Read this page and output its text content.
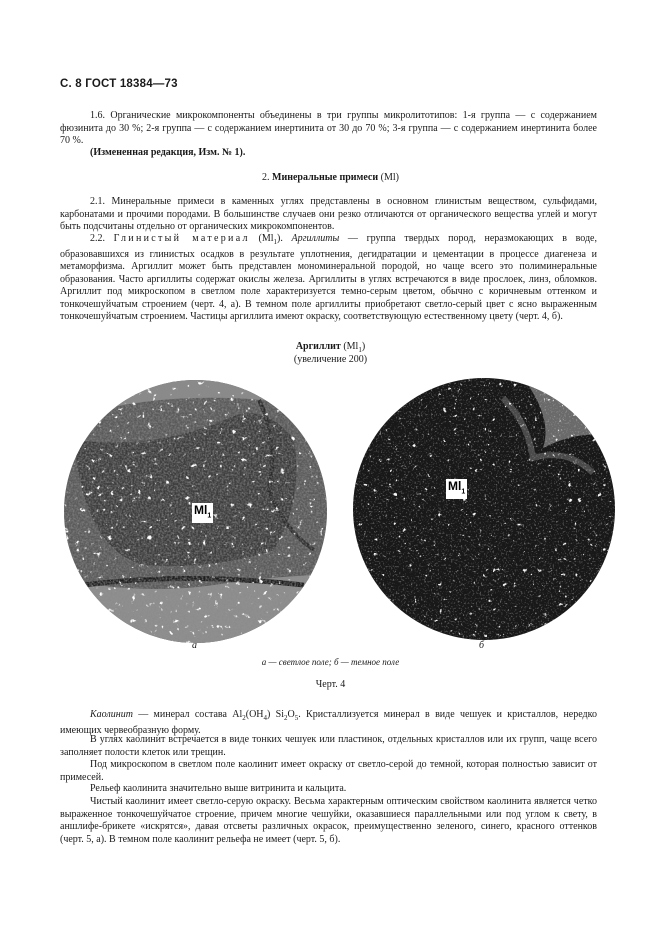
С. 8 ГОСТ 18384—73

1.6. Органические микрокомпоненты объединены в три группы микролитотипов: 1-я группа — с содержанием фюзинита до 30 %; 2-я группа — с содержанием инертинита от 30 до 70 %; 3-я группа — с содержанием инертинита более 70 %.

(Измененная редакция, Изм. № 1).

2. Минеральные примеси (Ml)

2.1. Минеральные примеси в каменных углях представлены в основном глинистым веществом, сульфидами, карбонатами и прочими породами. В большинстве случаев они резко отличаются от органического вещества углей и могут быть подсчитаны отдельно от органических микрокомпонентов.

2.2. Глинистый материал $(Ml_1)$. Аргиллиты — группа твердых пород, неразмокающих в воде, образовавшихся из глинистых осадков в результате уплотнения, дегидратации и цементации в процессе диагенеза и метаморфизма. Аргиллит может быть представлен мономинеральной породой, но чаще всего это полиминеральные образования. Часто аргиллиты содержат окислы железа. Аргиллиты в углях встречаются в виде прослоек, линз, обломков. Аргиллит под микроскопом в светлом поле характеризуется темно-серым цветом, обычно с коричневым оттенком и тонкочешуйчатым строением (черт. 4, а). В темном поле аргиллиты приобретают светло-серый цвет с ясно выраженным тонкочешуйчатым строением. Частицы аргиллита имеют окраску, соответствующую естественному цвету (черт. 4, б).

Аргиллит $(Ml_1)$
(увеличение 200)
$Ml_1$
$Ml_1$
а	б
а — светлое поле; б — темное поле
Черт. 4

Каолинит — минерал состава $Al_2(OH_4)$ $Si_2O_5$. Кристаллизуется минерал в виде чешуек и кристаллов, нередко имеющих червеобразную форму.

В углях каолинит встречается в виде тонких чешуек или пластинок, отдельных кристаллов или их групп, чаще всего заполняет полости клеток или трещин.

Под микроскопом в светлом поле каолинит имеет окраску от светло-серой до темной, которая полностью зависит от примесей.

Рельеф каолинита значительно выше витринита и кальцита.

Чистый каолинит имеет светло-серую окраску. Весьма характерным оптическим свойством каолинита является четко выраженное тонкочешуйчатое строение, причем многие чешуйки, оказавшиеся параллельными или под углом к свету, в аншлифе-брикете «искрятся», давая отсветы различных окрасок, преимущественно зеленого, синего, красного оттенков (черт. 5, а). В темном поле каолинит рельефа не имеет (черт. 5, б).
